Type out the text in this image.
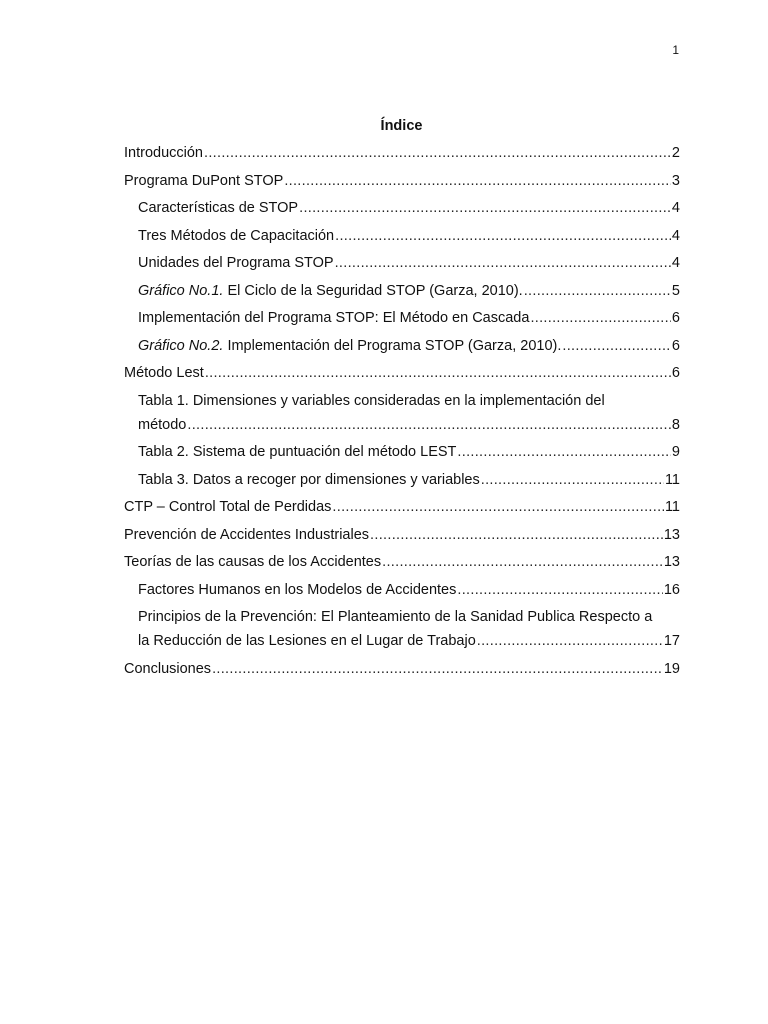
1
Índice
Introducción .....	2
Programa DuPont STOP .....	3
Características de STOP .....	4
Tres Métodos de Capacitación .....	4
Unidades del Programa STOP .....	4
Gráfico No.1. El Ciclo de la Seguridad STOP (Garza, 2010). .....	5
Implementación del Programa STOP: El Método en Cascada .....	6
Gráfico No.2. Implementación del Programa STOP (Garza, 2010). .....	6
Método Lest .....	6
Tabla 1. Dimensiones y variables consideradas en la implementación del
método .....	8
Tabla 2. Sistema de puntuación del método LEST .....	9
Tabla 3. Datos a recoger por dimensiones y variables .....	11
CTP – Control Total de Perdidas .....	11
Prevención de Accidentes Industriales .....	13
Teorías de las causas de los Accidentes .....	13
Factores Humanos en los Modelos de Accidentes .....	16
Principios de la Prevención: El Planteamiento de la Sanidad Publica Respecto a
la Reducción de las Lesiones en el Lugar de Trabajo .....	17
Conclusiones .....	19
